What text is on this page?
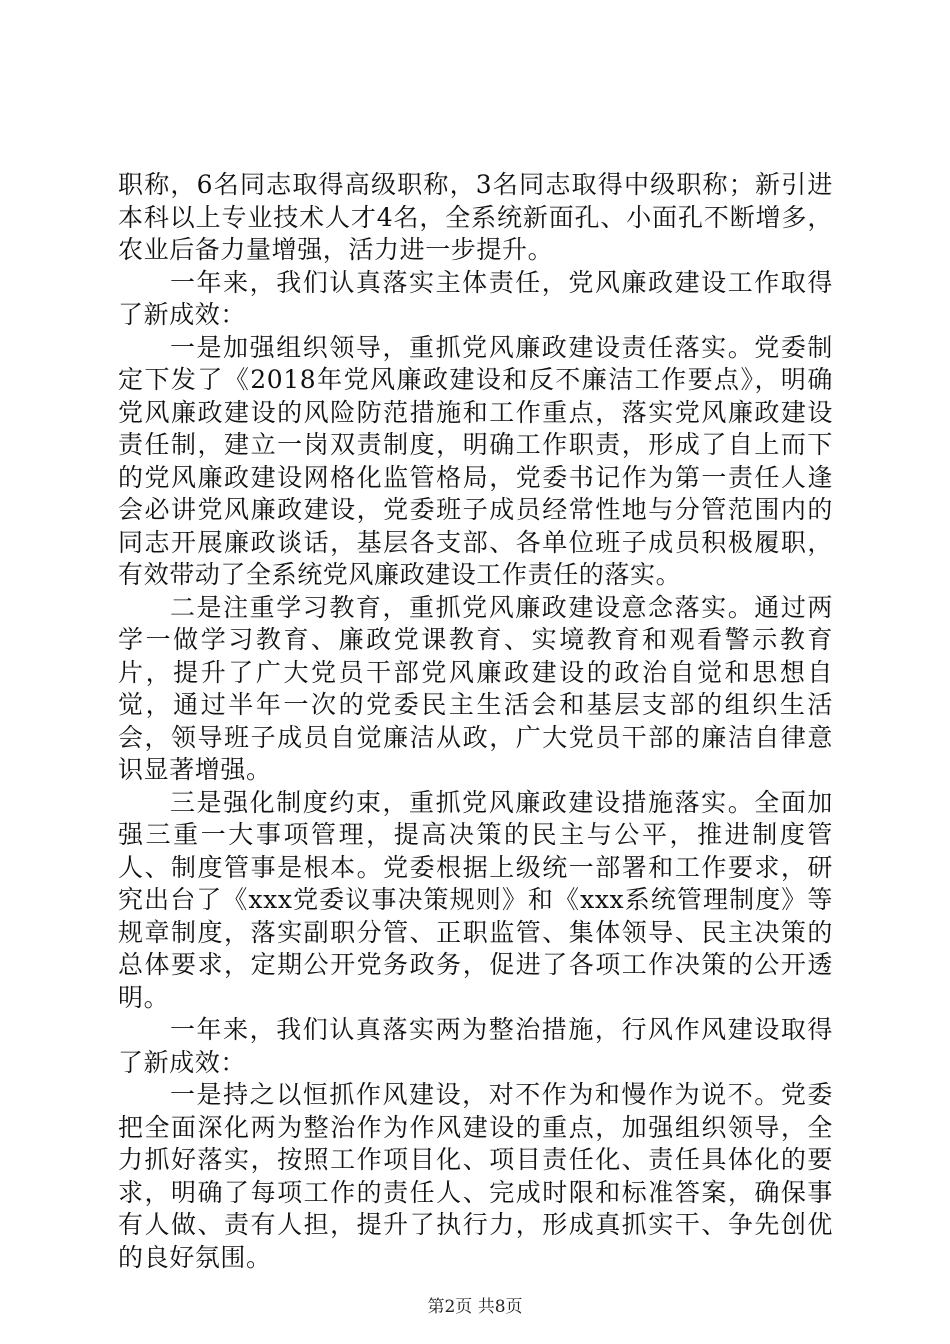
职称，6名同志取得高级职称，3名同志取得中级职称；新引进本科以上专业技术人才4名，全系统新面孔、小面孔不断增多，农业后备力量增强，活力进一步提升。

一年来，我们认真落实主体责任，党风廉政建设工作取得了新成效：

一是加强组织领导，重抓党风廉政建设责任落实。党委制定下发了《2018年党风廉政建设和反不廉洁工作要点》，明确党风廉政建设的风险防范措施和工作重点，落实党风廉政建设责任制，建立一岗双责制度，明确工作职责，形成了自上而下的党风廉政建设网格化监管格局，党委书记作为第一责任人逢会必讲党风廉政建设，党委班子成员经常性地与分管范围内的同志开展廉政谈话，基层各支部、各单位班子成员积极履职，有效带动了全系统党风廉政建设工作责任的落实。

二是注重学习教育，重抓党风廉政建设意念落实。通过两学一做学习教育、廉政党课教育、实境教育和观看警示教育片，提升了广大党员干部党风廉政建设的政治自觉和思想自觉，通过半年一次的党委民主生活会和基层支部的组织生活会，领导班子成员自觉廉洁从政，广大党员干部的廉洁自律意识显著增强。

三是强化制度约束，重抓党风廉政建设措施落实。全面加强三重一大事项管理，提高决策的民主与公平，推进制度管人、制度管事是根本。党委根据上级统一部署和工作要求，研究出台了《xxx党委议事决策规则》和《xxx系统管理制度》等规章制度，落实副职分管、正职监管、集体领导、民主决策的总体要求，定期公开党务政务，促进了各项工作决策的公开透明。

一年来，我们认真落实两为整治措施，行风作风建设取得了新成效：

一是持之以恒抓作风建设，对不作为和慢作为说不。党委把全面深化两为整治作为作风建设的重点，加强组织领导，全力抓好落实，按照工作项目化、项目责任化、责任具体化的要求，明确了每项工作的责任人、完成时限和标准答案，确保事有人做、责有人担，提升了执行力，形成真抓实干、争先创优的良好氛围。

第2页 共8页
